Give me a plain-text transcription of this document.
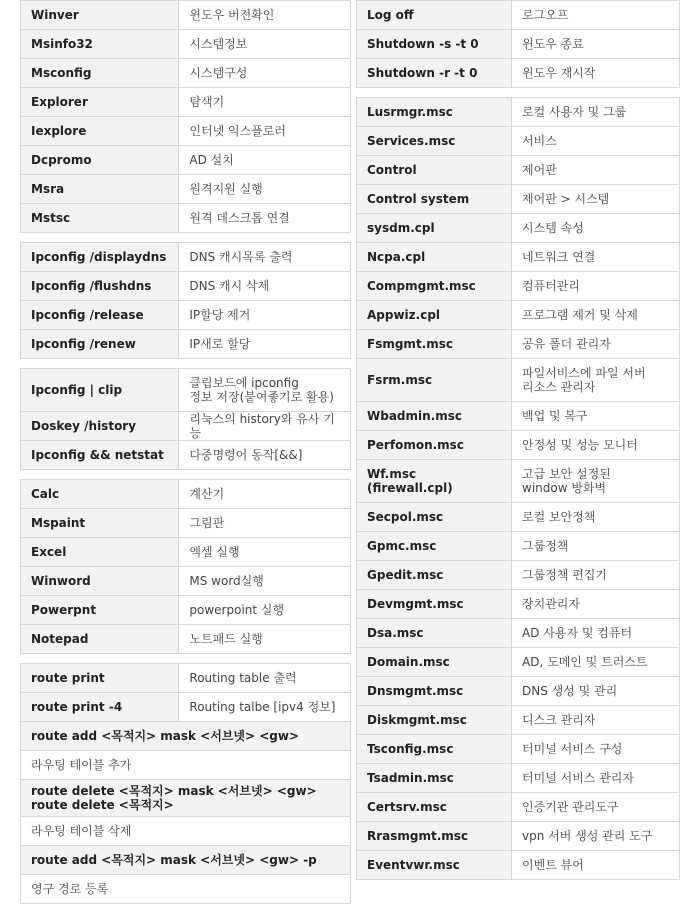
Winver	윈도우 버전확인
Msinfo32	시스템정보
Msconfig	시스템구성
Explorer	탐색기
Iexplore	인터넷 익스플로러
Dcpromo	AD 설치
Msra	원격지원 실행
Mstsc	원격 데스크톱 연결
Ipconfig /displaydns	DNS 캐시목록 출력
Ipconfig /flushdns	DNS 캐시 삭제
Ipconfig /release	IP할당 제거
Ipconfig /renew	IP새로 할당
Ipconfig | clip	클립보드에 ipconfig
정보 저장(붙여좋기로 활용)
Doskey /history	리눅스의 history와 유사 기능
Ipconfig && netstat	다중명령어 동작[&&]
Calc	계산기
Mspaint	그림판
Excel	엑셀 실행
Winword	MS word실행
Powerpnt	powerpoint 실행
Notepad	노트패드 실행
route print	Routing table 출력
route print -4	Routing talbe [ipv4 정보]
route add <목적지> mask <서브넷> <gw>	
라우팅 테이블 추가	
route delete <목적지> mask <서브넷> <gw>
route delete <목적지>	
라우팅 테이블 삭제	
route add <목적지> mask <서브넷> <gw> -p	
영구 경로 등록	
Log off	로그오프
Shutdown -s -t 0	윈도우 종료
Shutdown -r -t 0	윈도우 재시작
Lusrmgr.msc	로컬 사용자 및 그룹
Services.msc	서비스
Control	제어판
Control system	제어판 > 시스템
sysdm.cpl	시스템 속성
Ncpa.cpl	네트워크 연결
Compmgmt.msc	컴퓨터관리
Appwiz.cpl	프로그램 제거 및 삭제
Fsmgmt.msc	공유 폴더 관리자
Fsrm.msc	파일서비스에 파일 서버
리소스 관리자
Wbadmin.msc	백업 및 복구
Perfomon.msc	안정성 및 성능 모니터
Wf.msc (firewall.cpl)	고급 보안 설정된
window 방화벽
Secpol.msc	로컬 보안정책
Gpmc.msc	그룹정책
Gpedit.msc	그룹정책 편집기
Devmgmt.msc	장치관리자
Dsa.msc	AD 사용자 및 컴퓨터
Domain.msc	AD, 도메인 및 트러스트
Dnsmgmt.msc	DNS 생성 및 관리
Diskmgmt.msc	디스크 관리자
Tsconfig.msc	터미널 서비스 구성
Tsadmin.msc	터미널 서비스 관리자
Certsrv.msc	인증기관 관리도구
Rrasmgmt.msc	vpn 서버 생성 관리 도구
Eventvwr.msc	이벤트 뷰어
